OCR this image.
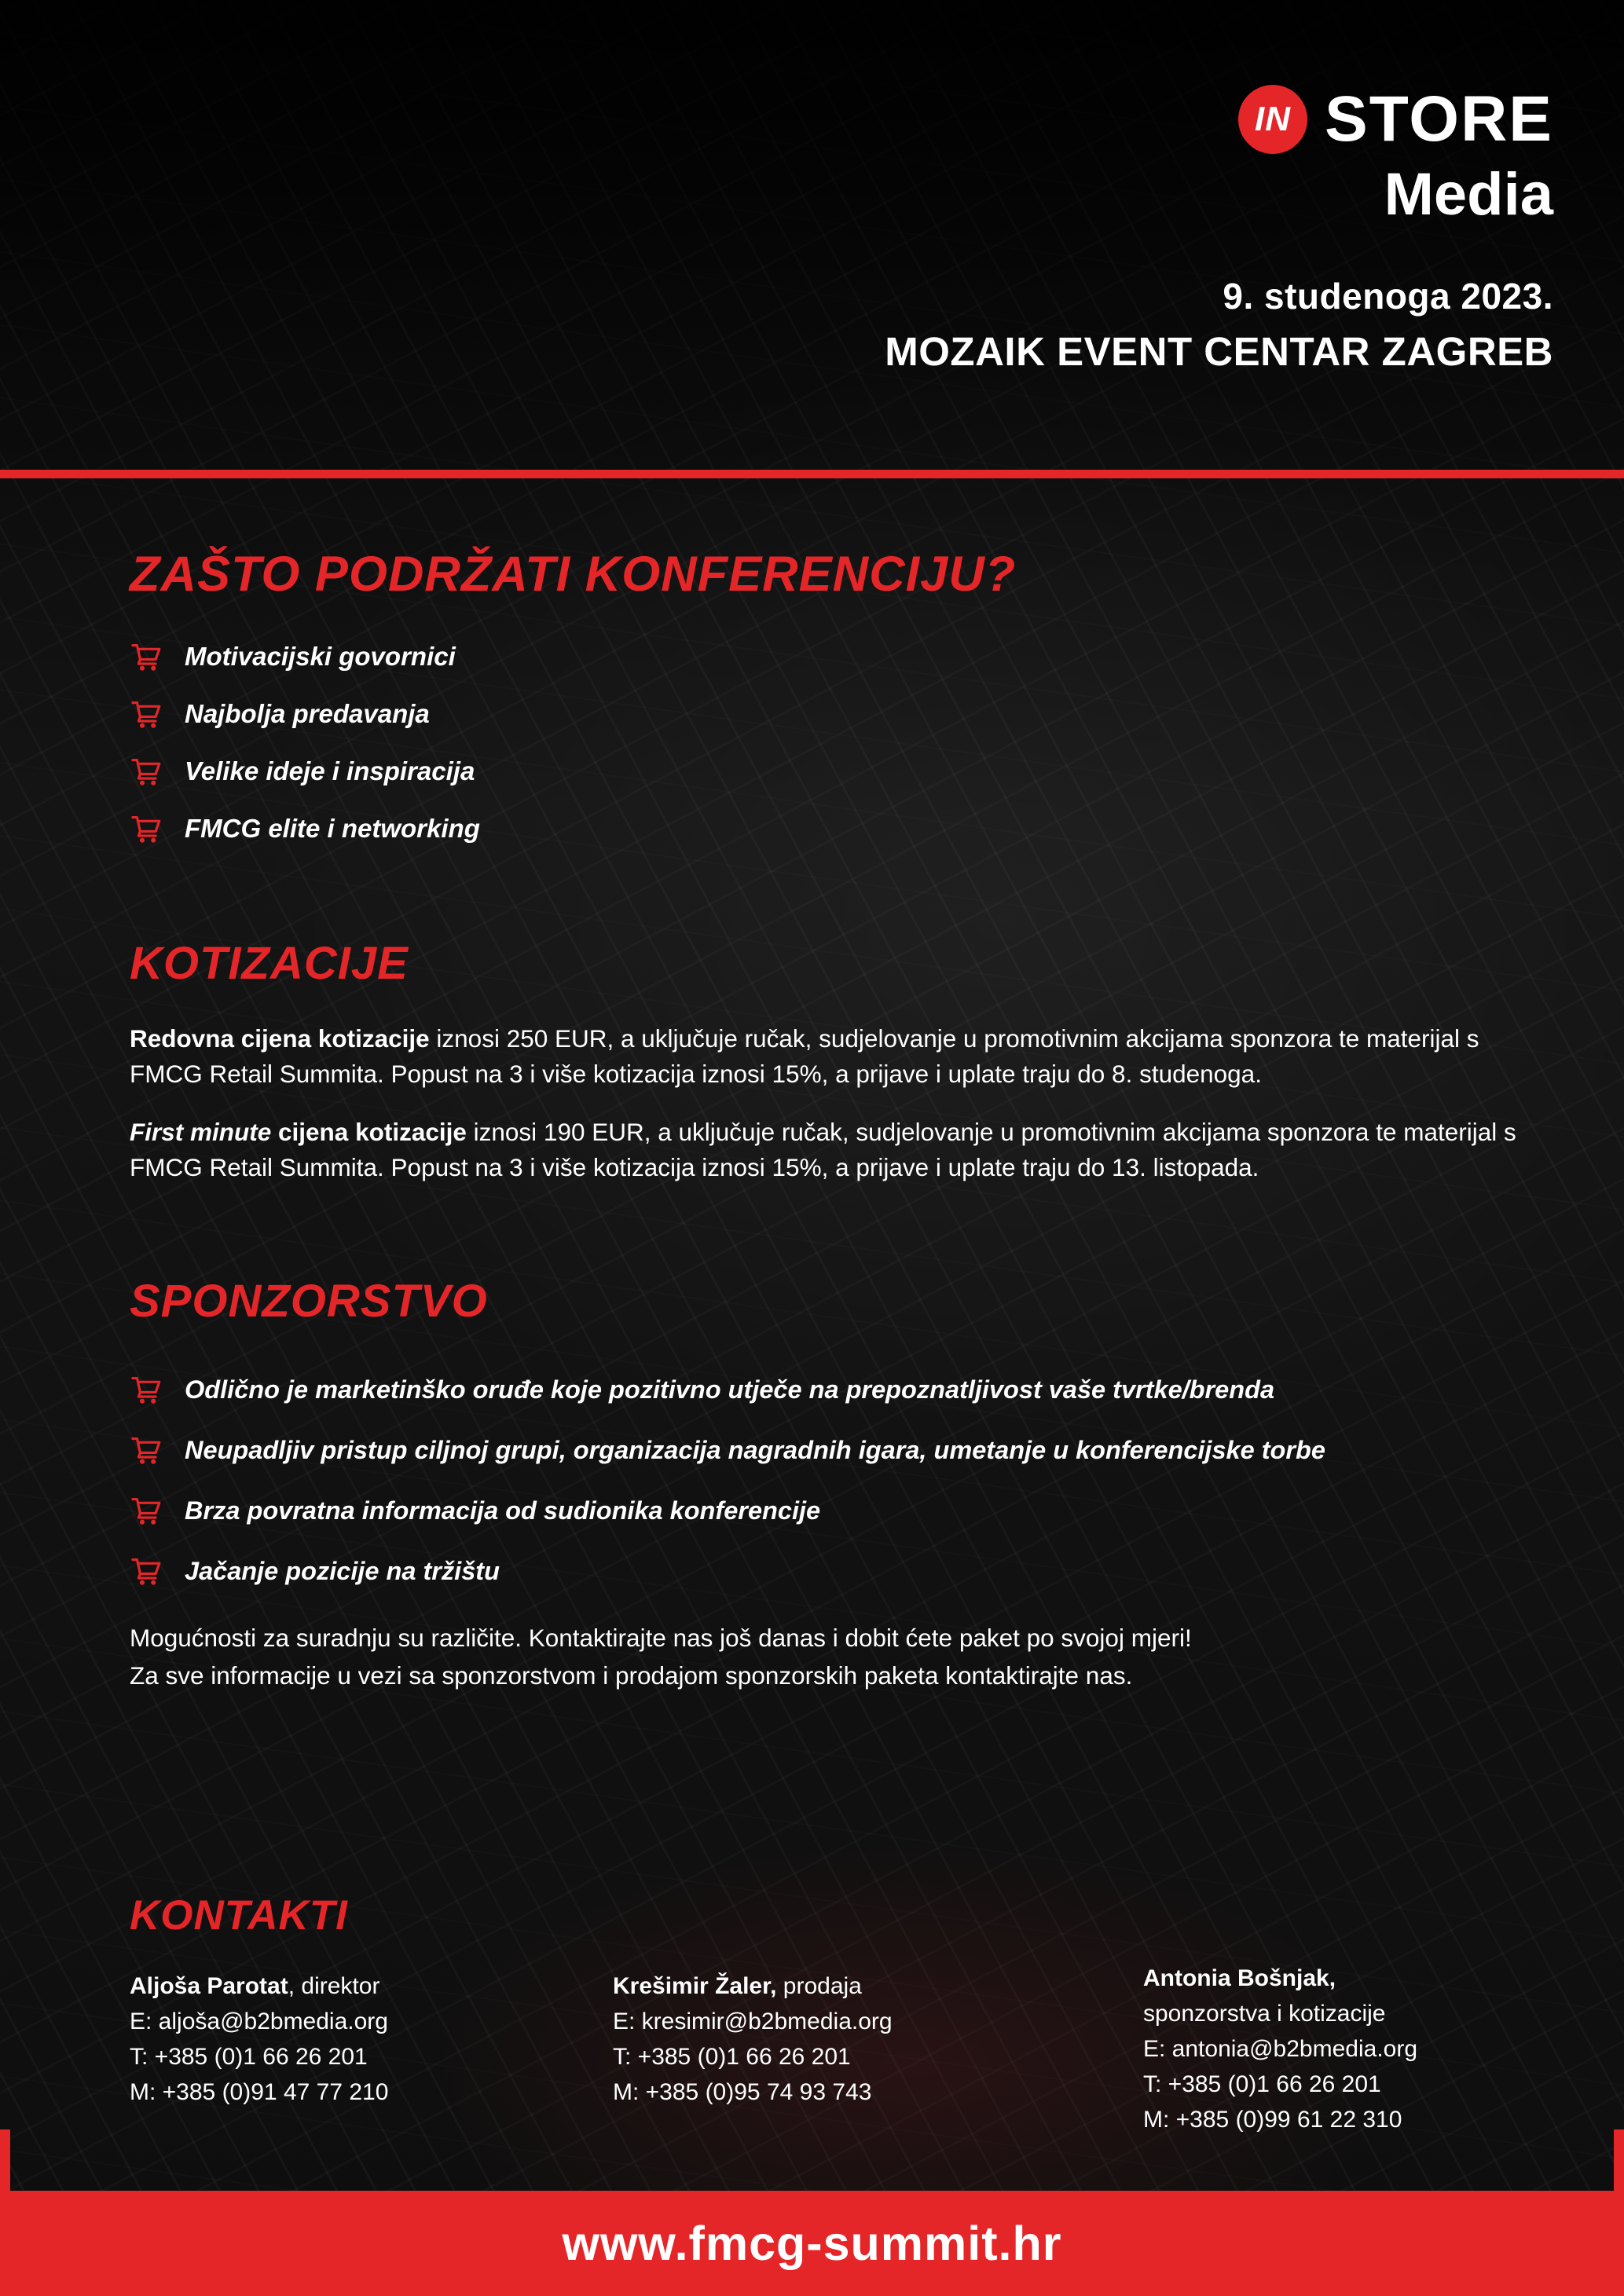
IN STORE
Media
9. studenoga 2023.
MOZAIK EVENT CENTAR ZAGREB
ZAŠTO PODRŽATI KONFERENCIJU?
Motivacijski govornici
Najbolja predavanja
Velike ideje i inspiracija
FMCG elite i networking
KOTIZACIJE

Redovna cijena kotizacije iznosi 250 EUR, a uključuje ručak, sudjelovanje u promotivnim akcijama sponzora te materijal s FMCG Retail Summita. Popust na 3 i više kotizacija iznosi 15%, a prijave i uplate traju do 8. studenoga.

First minute cijena kotizacije iznosi 190 EUR, a uključuje ručak, sudjelovanje u promotivnim akcijama sponzora te materijal s FMCG Retail Summita. Popust na 3 i više kotizacija iznosi 15%, a prijave i uplate traju do 13. listopada.

SPONZORSTVO
Odlično je marketinško oruđe koje pozitivno utječe na prepoznatljivost vaše tvrtke/brenda
Neupadljiv pristup ciljnoj grupi, organizacija nagradnih igara, umetanje u konferencijske torbe
Brza povratna informacija od sudionika konferencije
Jačanje pozicije na tržištu
Mogućnosti za suradnju su različite. Kontaktirajte nas još danas i dobit ćete paket po svojoj mjeri!
Za sve informacije u vezi sa sponzorstvom i prodajom sponzorskih paketa kontaktirajte nas.
KONTAKTI
Aljoša Parotat, direktor
E: aljoša@b2bmedia.org
T: +385 (0)1 66 26 201
M: +385 (0)91 47 77 210
Krešimir Žaler, prodaja
E: kresimir@b2bmedia.org
T: +385 (0)1 66 26 201
M: +385 (0)95 74 93 743
Antonia Bošnjak,
sponzorstva i kotizacije
E: antonia@b2bmedia.org
T: +385 (0)1 66 26 201
M: +385 (0)99 61 22 310
www.fmcg-summit.hr
